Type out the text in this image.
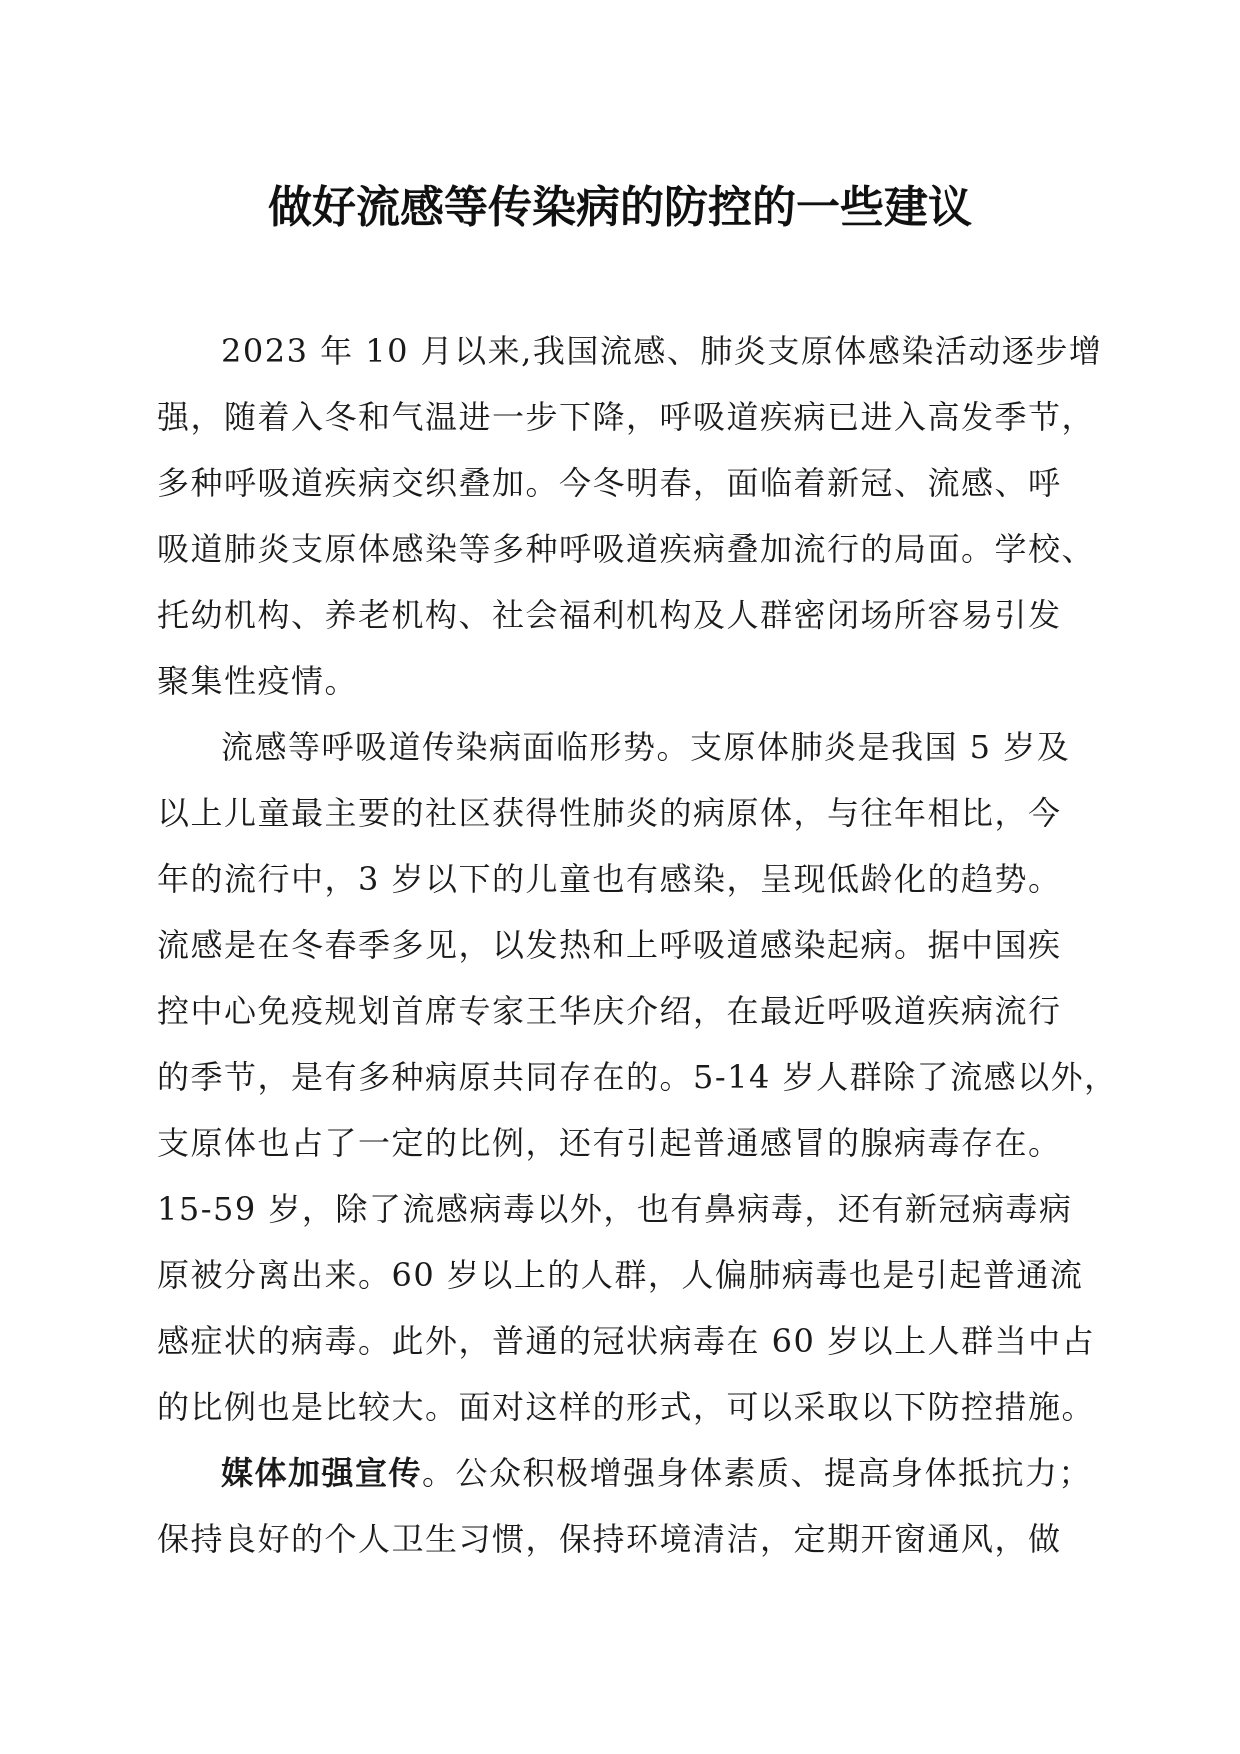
做好流感等传染病的防控的一些建议
2023 年 10 月以来,我国流感、肺炎支原体感染活动逐步增
强，随着入冬和气温进一步下降，呼吸道疾病已进入高发季节，
多种呼吸道疾病交织叠加。今冬明春，面临着新冠、流感、呼
吸道肺炎支原体感染等多种呼吸道疾病叠加流行的局面。学校、
托幼机构、养老机构、社会福利机构及人群密闭场所容易引发
聚集性疫情。
流感等呼吸道传染病面临形势。支原体肺炎是我国 5 岁及
以上儿童最主要的社区获得性肺炎的病原体，与往年相比，今
年的流行中，3 岁以下的儿童也有感染，呈现低龄化的趋势。
流感是在冬春季多见，以发热和上呼吸道感染起病。据中国疾
控中心免疫规划首席专家王华庆介绍，在最近呼吸道疾病流行
的季节，是有多种病原共同存在的。5-14 岁人群除了流感以外，
支原体也占了一定的比例，还有引起普通感冒的腺病毒存在。
15-59 岁，除了流感病毒以外，也有鼻病毒，还有新冠病毒病
原被分离出来。60 岁以上的人群，人偏肺病毒也是引起普通流
感症状的病毒。此外，普通的冠状病毒在 60 岁以上人群当中占
的比例也是比较大。面对这样的形式，可以采取以下防控措施。
媒体加强宣传。公众积极增强身体素质、提高身体抵抗力；
保持良好的个人卫生习惯，保持环境清洁，定期开窗通风，做
